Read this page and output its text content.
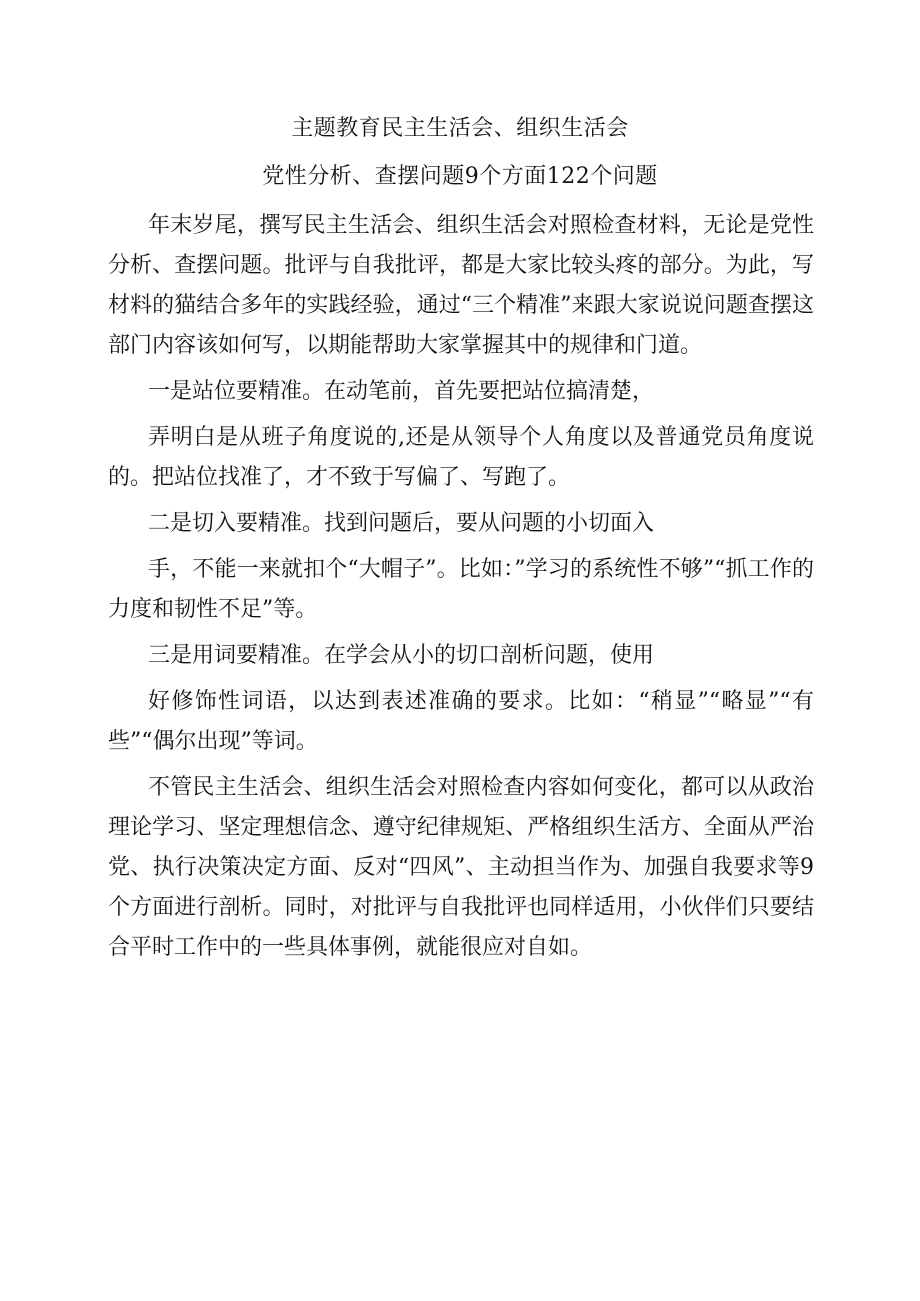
主题教育民主生活会、组织生活会
党性分析、查摆问题9个方面122个问题

年末岁尾，撰写民主生活会、组织生活会对照检查材料，无论是党性分析、查摆问题。批评与自我批评，都是大家比较头疼的部分。为此，写材料的猫结合多年的实践经验，通过“三个精准”来跟大家说说问题查摆这部门内容该如何写，以期能帮助大家掌握其中的规律和门道。

一是站位要精准。在动笔前，首先要把站位搞清楚，

弄明白是从班子角度说的,还是从领导个人角度以及普通党员角度说的。把站位找准了，才不致于写偏了、写跑了。

二是切入要精准。找到问题后，要从问题的小切面入

手，不能一来就扣个“大帽子”。比如：”学习的系统性不够”“抓工作的力度和韧性不足”等。

三是用词要精准。在学会从小的切口剖析问题，使用

好修饰性词语，以达到表述准确的要求。比如：“稍显”“略显”“有些”“偶尔出现”等词。

不管民主生活会、组织生活会对照检查内容如何变化，都可以从政治理论学习、坚定理想信念、遵守纪律规矩、严格组织生活方、全面从严治党、执行决策决定方面、反对“四风”、主动担当作为、加强自我要求等9个方面进行剖析。同时，对批评与自我批评也同样适用，小伙伴们只要结合平时工作中的一些具体事例，就能很应对自如。
